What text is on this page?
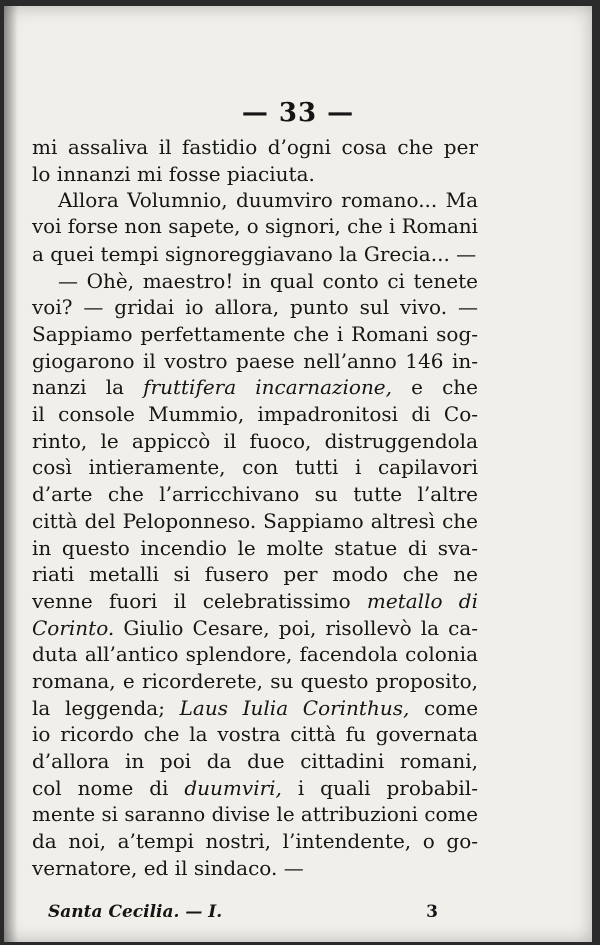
— 33 —
mi assaliva il fastidio d’ogni cosa che per
lo innanzi mi fosse piaciuta.
Allora Volumnio, duumviro romano... Ma
voi forse non sapete, o signori, che i Romani
a quei tempi signoreggiavano la Grecia... —
— Ohè, maestro! in qual conto ci tenete
voi? — gridai io allora, punto sul vivo. —
Sappiamo perfettamente che i Romani sog-
giogarono il vostro paese nell’anno 146 in-
nanzi la fruttifera incarnazione, e che
il console Mummio, impadronitosi di Co-
rinto, le appiccò il fuoco, distruggendola
così intieramente, con tutti i capilavori
d’arte che l’arricchivano su tutte l’altre
città del Peloponneso. Sappiamo altresì che
in questo incendio le molte statue di sva-
riati metalli si fusero per modo che ne
venne fuori il celebratissimo metallo di
Corinto. Giulio Cesare, poi, risollevò la ca-
duta all’antico splendore, facendola colonia
romana, e ricorderete, su questo proposito,
la leggenda; Laus Iulia Corinthus, come
io ricordo che la vostra città fu governata
d’allora in poi da due cittadini romani,
col nome di duumviri, i quali probabil-
mente si saranno divise le attribuzioni come
da noi, a’tempi nostri, l’intendente, o go-
vernatore, ed il sindaco. —
Santa Cecilia. — I.	3
